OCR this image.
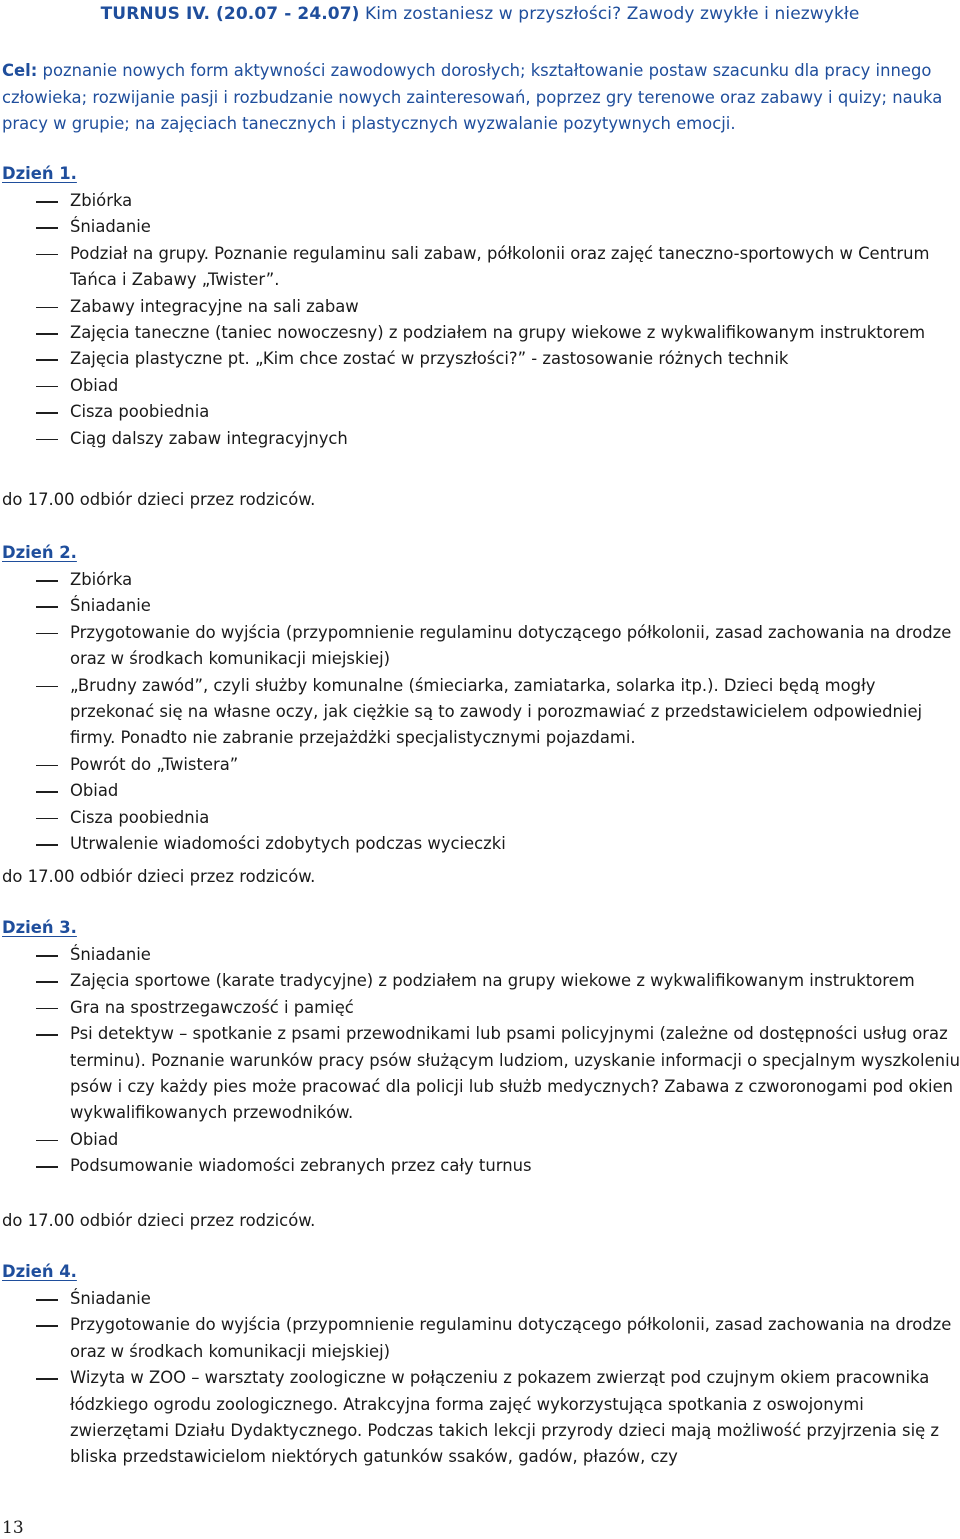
TURNUS IV. (20.07 - 24.07) Kim zostaniesz w przyszłości? Zawody zwykłe i niezwykłe
Cel: poznanie nowych form aktywności zawodowych dorosłych; kształtowanie postaw szacunku dla pracy innego człowieka; rozwijanie pasji i rozbudzanie nowych zainteresowań, poprzez gry terenowe oraz zabawy i quizy; nauka pracy w grupie; na zajęciach tanecznych i plastycznych wyzwalanie pozytywnych emocji.
Dzień 1.
Zbiórka
Śniadanie
Podział na grupy. Poznanie regulaminu sali zabaw, półkolonii oraz zajęć taneczno-sportowych w Centrum Tańca i Zabawy „Twister”.
Zabawy integracyjne na sali zabaw
Zajęcia taneczne (taniec nowoczesny) z podziałem na grupy wiekowe z wykwalifikowanym instruktorem
Zajęcia plastyczne pt. „Kim chce zostać w przyszłości?” - zastosowanie różnych technik
Obiad
Cisza poobiednia
Ciąg dalszy zabaw integracyjnych
do 17.00 odbiór dzieci przez rodziców.
Dzień 2.
Zbiórka
Śniadanie
Przygotowanie do wyjścia (przypomnienie regulaminu dotyczącego półkolonii, zasad zachowania na drodze oraz w środkach komunikacji miejskiej)
„Brudny zawód”, czyli służby komunalne (śmieciarka, zamiatarka, solarka itp.). Dzieci będą mogły przekonać się na własne oczy, jak ciężkie są to zawody i porozmawiać z przedstawicielem odpowiedniej firmy. Ponadto nie zabranie przejażdżki specjalistycznymi pojazdami.
Powrót do „Twistera”
Obiad
Cisza poobiednia
Utrwalenie wiadomości zdobytych podczas wycieczki
do 17.00 odbiór dzieci przez rodziców.
Dzień 3.
Śniadanie
Zajęcia sportowe (karate tradycyjne) z podziałem na grupy wiekowe z wykwalifikowanym instruktorem
Gra na spostrzegawczość i pamięć
Psi detektyw – spotkanie z psami przewodnikami lub psami policyjnymi (zależne od dostępności usług oraz terminu). Poznanie warunków pracy psów służącym ludziom, uzyskanie informacji o specjalnym wyszkoleniu psów i czy każdy pies może pracować dla policji lub służb medycznych? Zabawa z czworonogami pod okien wykwalifikowanych przewodników.
Obiad
Podsumowanie wiadomości zebranych przez cały turnus
do 17.00 odbiór dzieci przez rodziców.
Dzień 4.
Śniadanie
Przygotowanie do wyjścia (przypomnienie regulaminu dotyczącego półkolonii, zasad zachowania na drodze oraz w środkach komunikacji miejskiej)
Wizyta w ZOO – warsztaty zoologiczne w połączeniu z pokazem zwierząt pod czujnym okiem pracownika łódzkiego ogrodu zoologicznego. Atrakcyjna forma zajęć wykorzystująca spotkania z oswojonymi zwierzętami Działu Dydaktycznego. Podczas takich lekcji przyrody dzieci mają możliwość przyjrzenia się z bliska przedstawicielom niektórych gatunków ssaków, gadów, płazów, czy
13
